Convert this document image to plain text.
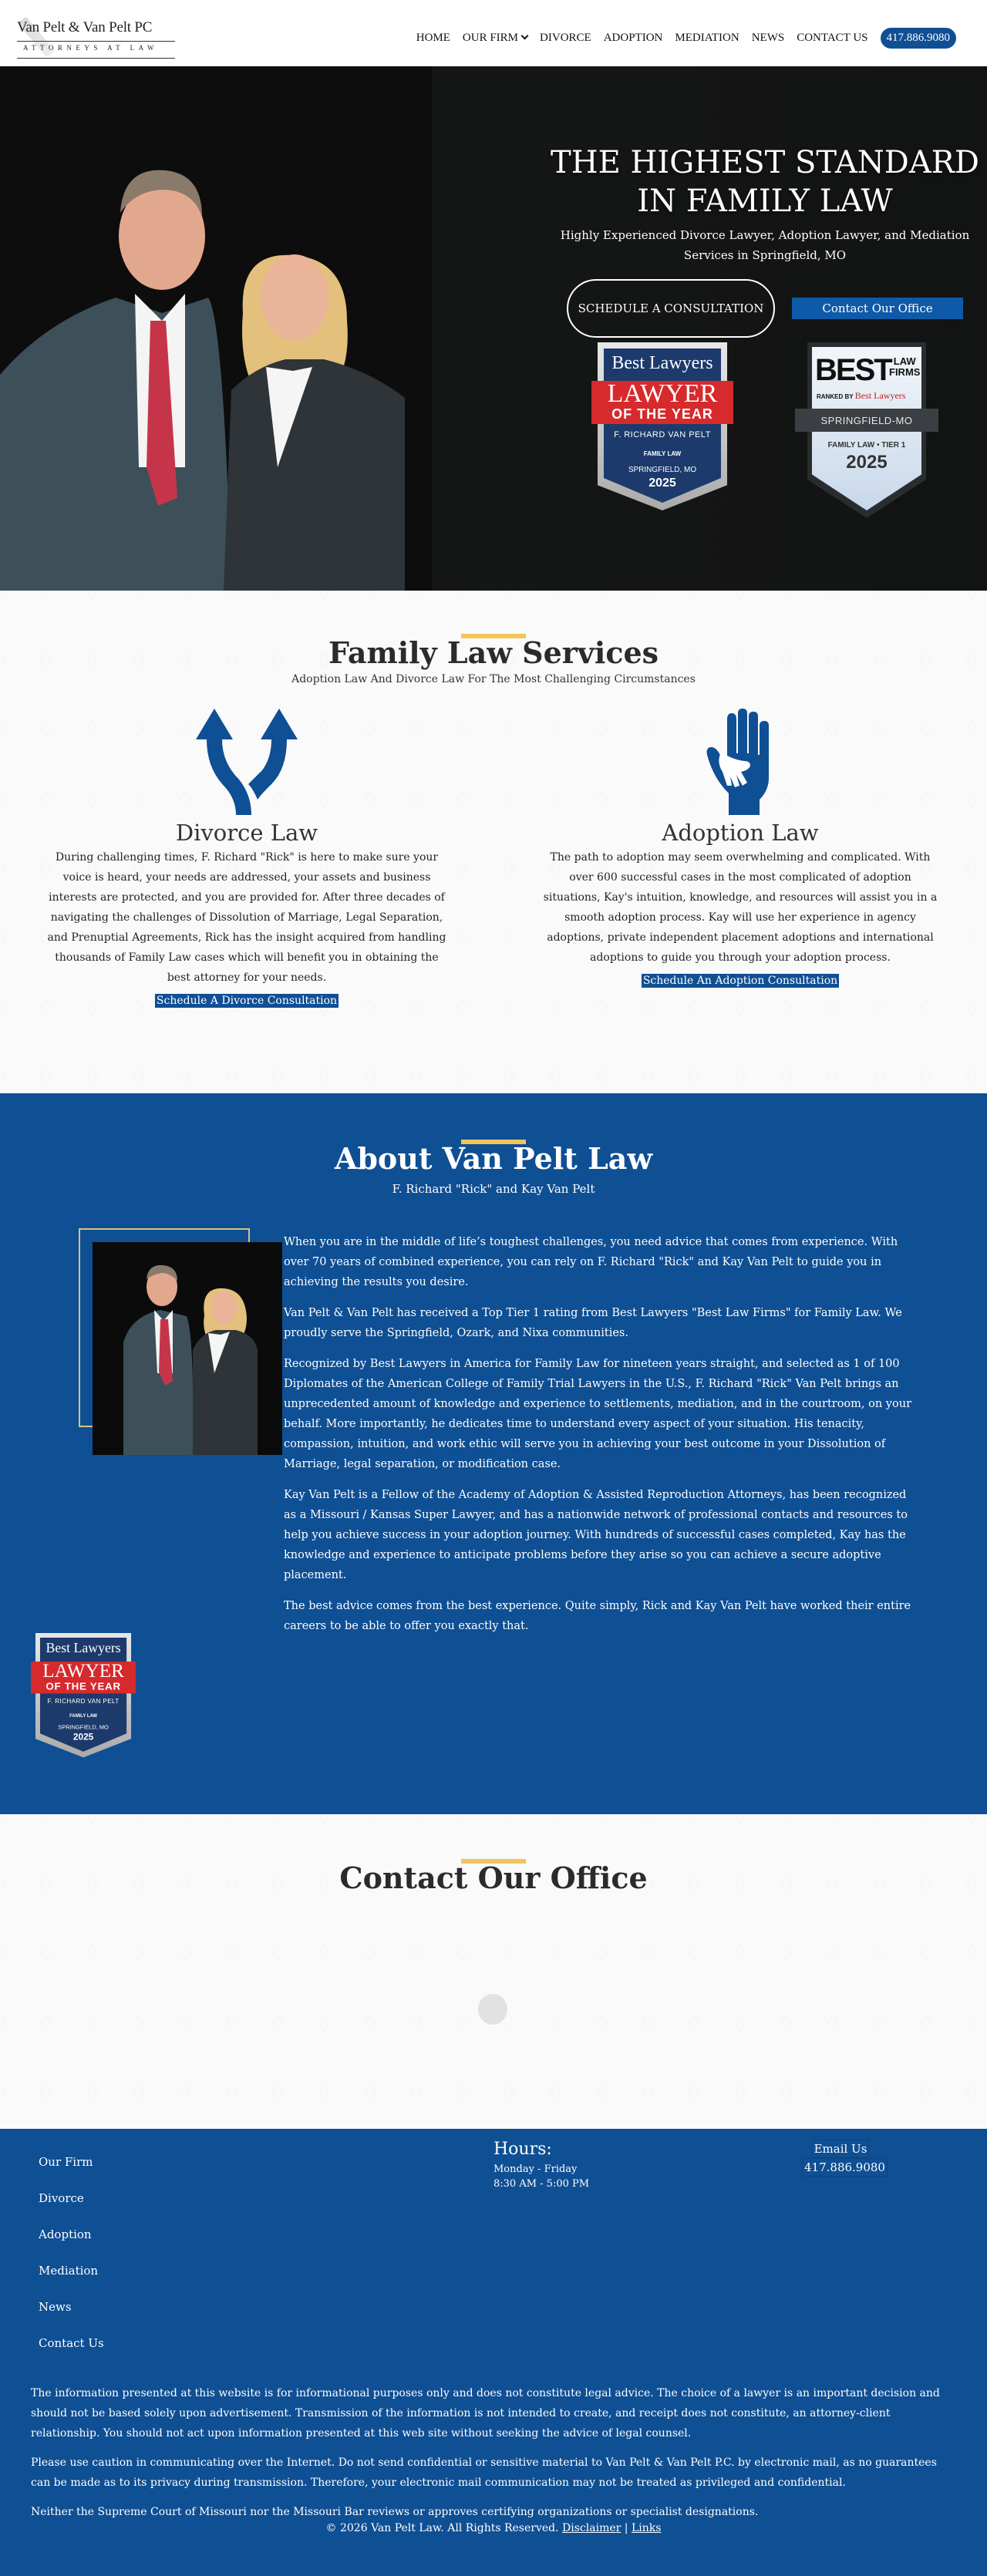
Van Pelt & Van Pelt PC
ATTORNEYS AT LAW
HOME OUR FIRM	DIVORCE ADOPTION MEDIATION NEWS CONTACT US	417.886.9080
THE HIGHEST STANDARD
IN FAMILY LAW

Highly Experienced Divorce Lawyer, Adoption Lawyer, and Mediation Services in Springfield, MO

SCHEDULE A CONSULTATION	Contact Our Office
Best Lawyers
LAWYER
OF THE YEAR
F. RICHARD VAN PELT
FAMILY LAW
SPRINGFIELD, MO
2025
BEST LAW
FIRMS
RANKED BY Best Lawyers
SPRINGFIELD-MO
FAMILY LAW • TIER 1
2025
Family Law Services

Adoption Law And Divorce Law For The Most Challenging Circumstances

Divorce Law

During challenging times, F. Richard "Rick" is here to make sure your voice is heard, your needs are addressed, your assets and business interests are protected, and you are provided for. After three decades of navigating the challenges of Dissolution of Marriage, Legal Separation, and Prenuptial Agreements, Rick has the insight acquired from handling thousands of Family Law cases which will benefit you in obtaining the best attorney for your needs.

Schedule A Divorce Consultation
Adoption Law

The path to adoption may seem overwhelming and complicated. With over 600 successful cases in the most complicated of adoption situations, Kay's intuition, knowledge, and resources will assist you in a smooth adoption process. Kay will use her experience in agency adoptions, private independent placement adoptions and international adoptions to guide you through your adoption process.

Schedule An Adoption Consultation
About Van Pelt Law

F. Richard "Rick" and Kay Van Pelt

When you are in the middle of life’s toughest challenges, you need advice that comes from experience. With over 70 years of combined experience, you can rely on F. Richard "Rick" and Kay Van Pelt to guide you in achieving the results you desire.

Van Pelt & Van Pelt has received a Top Tier 1 rating from Best Lawyers "Best Law Firms" for Family Law. We proudly serve the Springfield, Ozark, and Nixa communities.

Recognized by Best Lawyers in America for Family Law for nineteen years straight, and selected as 1 of 100 Diplomates of the American College of Family Trial Lawyers in the U.S., F. Richard "Rick" Van Pelt brings an unprecedented amount of knowledge and experience to settlements, mediation, and in the courtroom, on your behalf. More importantly, he dedicates time to understand every aspect of your situation. His tenacity, compassion, intuition, and work ethic will serve you in achieving your best outcome in your Dissolution of Marriage, legal separation, or modification case.

Kay Van Pelt is a Fellow of the Academy of Adoption & Assisted Reproduction Attorneys, has been recognized as a Missouri / Kansas Super Lawyer, and has a nationwide network of professional contacts and resources to help you achieve success in your adoption journey. With hundreds of successful cases completed, Kay has the knowledge and experience to anticipate problems before they arise so you can achieve a secure adoptive placement.

The best advice comes from the best experience. Quite simply, Rick and Kay Van Pelt have worked their entire careers to be able to offer you exactly that.

Best Lawyers
LAWYER
OF THE YEAR
F. RICHARD VAN PELT
FAMILY LAW
SPRINGFIELD, MO
2025
Contact Our Office
Our Firm
Divorce
Adoption
Mediation
News
Contact Us
Hours:
Monday - Friday
8:30 AM - 5:00 PM
Email Us
417.886.9080

The information presented at this website is for informational purposes only and does not constitute legal advice. The choice of a lawyer is an important decision and should not be based solely upon advertisement. Transmission of the information is not intended to create, and receipt does not constitute, an attorney-client relationship. You should not act upon information presented at this web site without seeking the advice of legal counsel.

Please use caution in communicating over the Internet. Do not send confidential or sensitive material to Van Pelt & Van Pelt P.C. by electronic mail, as no guarantees can be made as to its privacy during transmission. Therefore, your electronic mail communication may not be treated as privileged and confidential.

Neither the Supreme Court of Missouri nor the Missouri Bar reviews or approves certifying organizations or specialist designations.

© 2026 Van Pelt Law. All Rights Reserved. Disclaimer | Links
